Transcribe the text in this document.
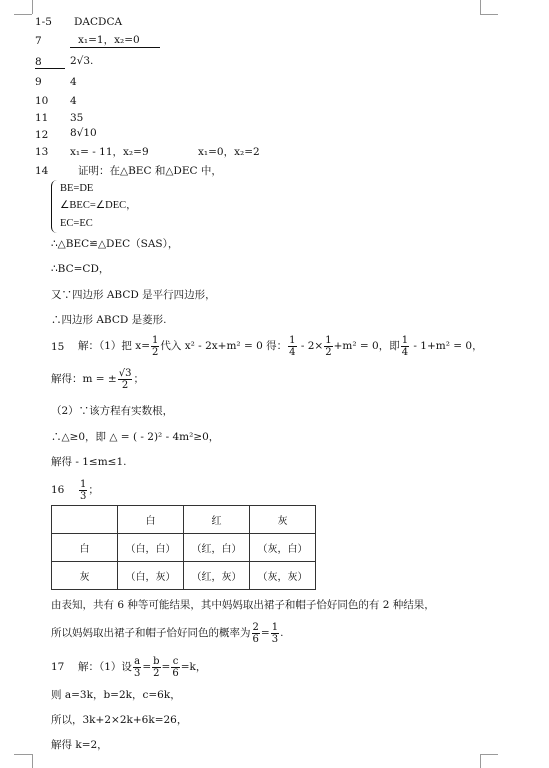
1-5 DACDCA
7	x₁=1，x₂=0
8	2√3.
9	4
10 4
11 35
12 8√10
13 x₁= - 11，x₂=9	x₁=0，x₂=2
14	证明：在△BEC 和△DEC 中，
BE=DE
∠BEC=∠DEC，
EC=EC
∴△BEC≌△DEC（SAS），
∴BC=CD，
又∵四边形 ABCD 是平行四边形，
∴四边形 ABCD 是菱形.
15 解：（1）把 $x= \frac{1}{2}$ 代入 x² - 2x+m² = 0 得： $\frac{1}{4} - 2\times \frac{1}{2} +m^2 = 0$，即 $\frac{1}{4} - 1+m^2 = 0$，
解得：m = ± $\frac{√3}{2}$ ；
（2）∵该方程有实数根，
∴△≥0，即 △ = ( - 2)² - 4m²≥0，
解得 - 1≤m≤1.
$16 \frac{1}{3}$ ；
	白	红	灰
白	（白，白）	（红，白）	（灰，白）
灰	（白，灰）	（红，灰）	（灰，灰）
由表知，共有 6 种等可能结果，其中妈妈取出裙子和帽子恰好同色的有 2 种结果，
所以妈妈取出裙子和帽子恰好同色的概率为 $\frac{2}{6} = \frac{1}{3}$ .
17 解：（1）设 $\frac{a}{3} = \frac{b}{2} = \frac{c}{6} =k$，
则 a=3k，b=2k，c=6k，
所以，3k+2×2k+6k=26，
解得 k=2，
